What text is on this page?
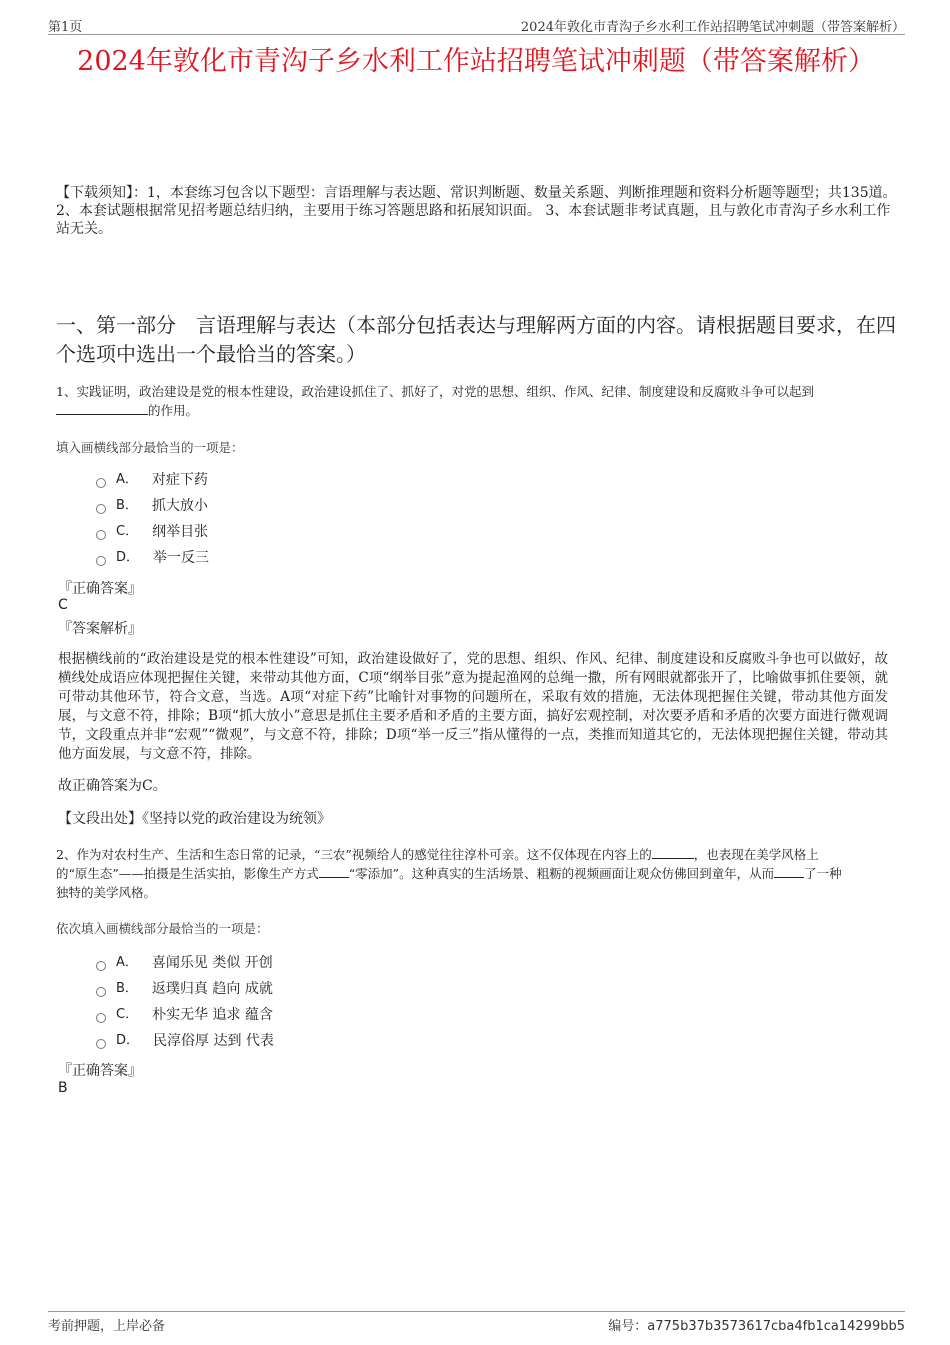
第1页	2024年敦化市青沟子乡水利工作站招聘笔试冲刺题（带答案解析）
2024年敦化市青沟子乡水利工作站招聘笔试冲刺题（带答案解析）
【下载须知】：1，本套练习包含以下题型：言语理解与表达题、常识判断题、数量关系题、判断推理题和资料分析题等题型；共135道。 2、本套试题根据常见招考题总结归纳，主要用于练习答题思路和拓展知识面。 3、本套试题非考试真题，且与敦化市青沟子乡水利工作站无关。
一、第一部分　言语理解与表达（本部分包括表达与理解两方面的内容。请根据题目要求，在四个选项中选出一个最恰当的答案。）
1、实践证明，政治建设是党的根本性建设，政治建设抓住了、抓好了，对党的思想、组织、作风、纪律、制度建设和反腐败斗争可以起到
的作用。
填入画横线部分最恰当的一项是：
A． 对症下药
B． 抓大放小
C． 纲举目张
D． 举一反三
『正确答案』
C
『答案解析』
根据横线前的“政治建设是党的根本性建设”可知，政治建设做好了，党的思想、组织、作风、纪律、制度建设和反腐败斗争也可以做好，故横线处成语应体现把握住关键，来带动其他方面，C项“纲举目张”意为提起渔网的总绳一撒，所有网眼就都张开了，比喻做事抓住要领，就可带动其他环节，符合文意，当选。A项“对症下药”比喻针对事物的问题所在，采取有效的措施，无法体现把握住关键，带动其他方面发展，与文意不符，排除；B项“抓大放小”意思是抓住主要矛盾和矛盾的主要方面，搞好宏观控制，对次要矛盾和矛盾的次要方面进行微观调节，文段重点并非“宏观”“微观”，与文意不符，排除；D项“举一反三”指从懂得的一点，类推而知道其它的，无法体现把握住关键，带动其他方面发展，与文意不符，排除。
故正确答案为C。
【文段出处】《坚持以党的政治建设为统领》
2、作为对农村生产、生活和生态日常的记录，“三农”视频给人的感觉往往淳朴可亲。这不仅体现在内容上的	，也表现在美学风格上
的“原生态”——拍摄是生活实拍，影像生产方式 “零添加”。这种真实的生活场景、粗粝的视频画面让观众仿佛回到童年，从而 了一种
独特的美学风格。
依次填入画横线部分最恰当的一项是：
A． 喜闻乐见 类似 开创
B． 返璞归真 趋向 成就
C． 朴实无华 追求 蕴含
D． 民淳俗厚 达到 代表
『正确答案』
B
考前押题，上岸必备	编号：a775b37b3573617cba4fb1ca14299bb5
